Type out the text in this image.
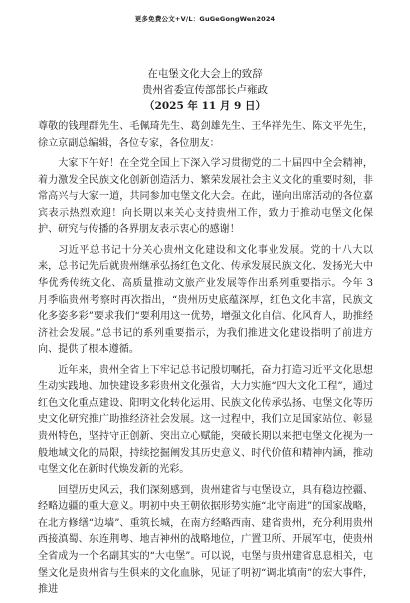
更多免费公文+V/L：GuGeGongWen2024

在屯堡文化大会上的致辞

贵州省委宣传部部长卢雍政

（2025 年 11 月 9 日）

尊敬的钱理群先生、毛佩琦先生、葛剑雄先生、王华祥先生、陈文平先生，徐立京副总编辑，各位专家，各位朋友：

大家下午好！在全党全国上下深入学习贯彻党的二十届四中全会精神，着力激发全民族文化创新创造活力、繁荣发展社会主义文化的重要时刻，非常高兴与大家一道，共同参加屯堡文化大会。在此，谨向出席活动的各位嘉宾表示热烈欢迎！向长期以来关心支持贵州工作，致力于推动屯堡文化保护、研究与传播的各界朋友表示衷心的感谢！

习近平总书记十分关心贵州文化建设和文化事业发展。党的十八大以来，总书记先后就贵州继承弘扬红色文化、传承发展民族文化、发扬光大中华优秀传统文化、高质量推动文旅产业发展等作出系列重要指示。今年 3 月季临贵州考察时再次指出，“贵州历史底蕴深厚，红色文化丰富，民族文化多姿多彩”要求我们“要利用这一优势，增强文化自信、化风育人，助推经济社会发展。”总书记的系列重要指示，为我们推进文化建设指明了前进方向、提供了根本遵循。

近年来，贵州全省上下牢记总书记殷切嘱托，奋力打造习近平文化思想生动实践地、加快建设多彩贵州文化强省，大力实施“四大文化工程”，通过红色文化重点建设、阳明文化转化运用、民族文化传承弘扬、屯堡文化等历史文化研究推广助推经济社会发展。这一过程中，我们立足国家站位、彰显贵州特色，坚持守正创新、突出立心赋能，突破长期以来把屯堡文化视为一般地域文化的局限，持续挖掘阐发其历史意义、时代价值和精神内涵，推动屯堡文化在新时代焕发新的光彩。

回望历史风云，我们深刻感到，贵州建省与屯堡设立，具有稳边控疆、经略边疆的重大意义。明初中央王朝依据形势实施“北守南进”的国家战略，在北方修缮“边墙”、重筑长城，在南方经略西南、建省贵州，充分利用贵州西接滇蜀、东连荆粤、地吉神州的战略地位，广置卫所、开展军屯，使贵州全省成为一个名副其实的“大屯堡”。可以说，屯堡与贵州建省息息相关，屯堡文化是贵州省与生俱来的文化血脉，见证了明初“调北填南”的宏大事件，推进
